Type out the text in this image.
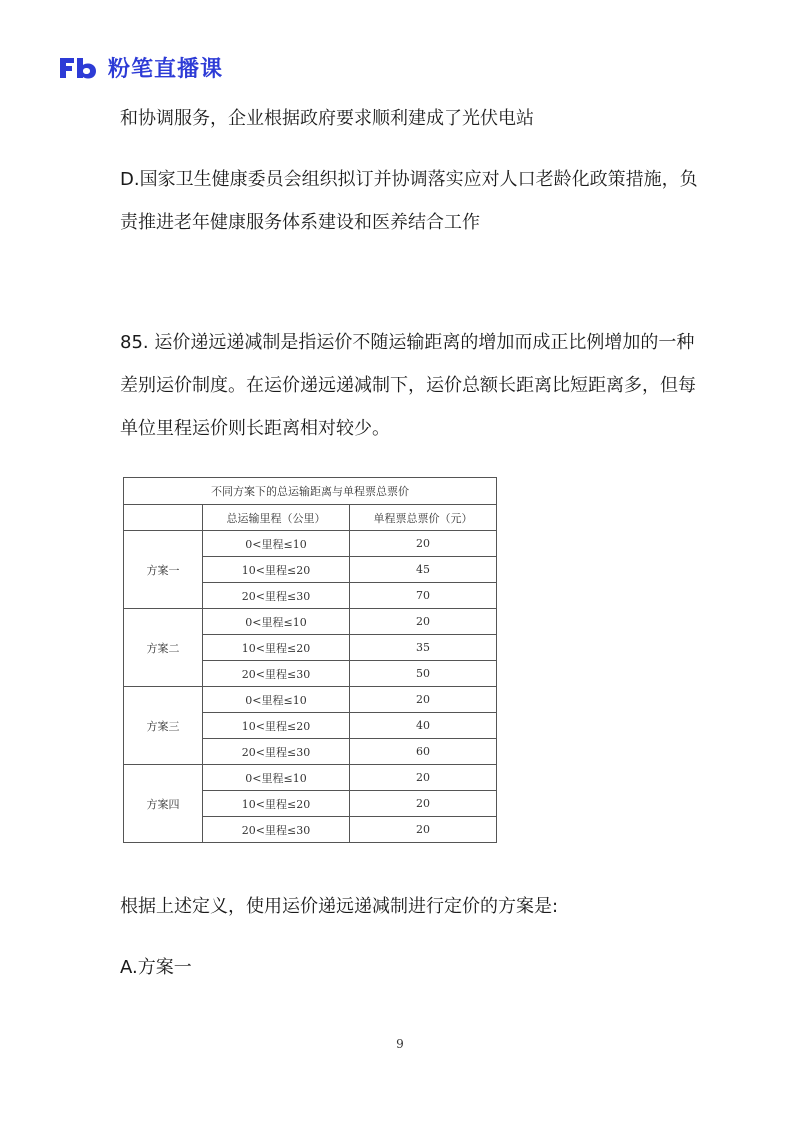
粉笔直播课

和协调服务，企业根据政府要求顺利建成了光伏电站

D.国家卫生健康委员会组织拟订并协调落实应对人口老龄化政策措施，负责推进老年健康服务体系建设和医养结合工作

85. 运价递远递减制是指运价不随运输距离的增加而成正比例增加的一种差别运价制度。在运价递远递减制下，运价总额长距离比短距离多，但每单位里程运价则长距离相对较少。

不同方案下的总运输距离与单程票总票价		
	总运输里程（公里）	单程票总票价（元）
方案一	0<里程≤10	20
	10<里程≤20	45
	20<里程≤30	70
方案二	0<里程≤10	20
	10<里程≤20	35
	20<里程≤30	50
方案三	0<里程≤10	20
	10<里程≤20	40
	20<里程≤30	60
方案四	0<里程≤10	20
	10<里程≤20	20
	20<里程≤30	20

根据上述定义，使用运价递远递减制进行定价的方案是:

A.方案一

9
